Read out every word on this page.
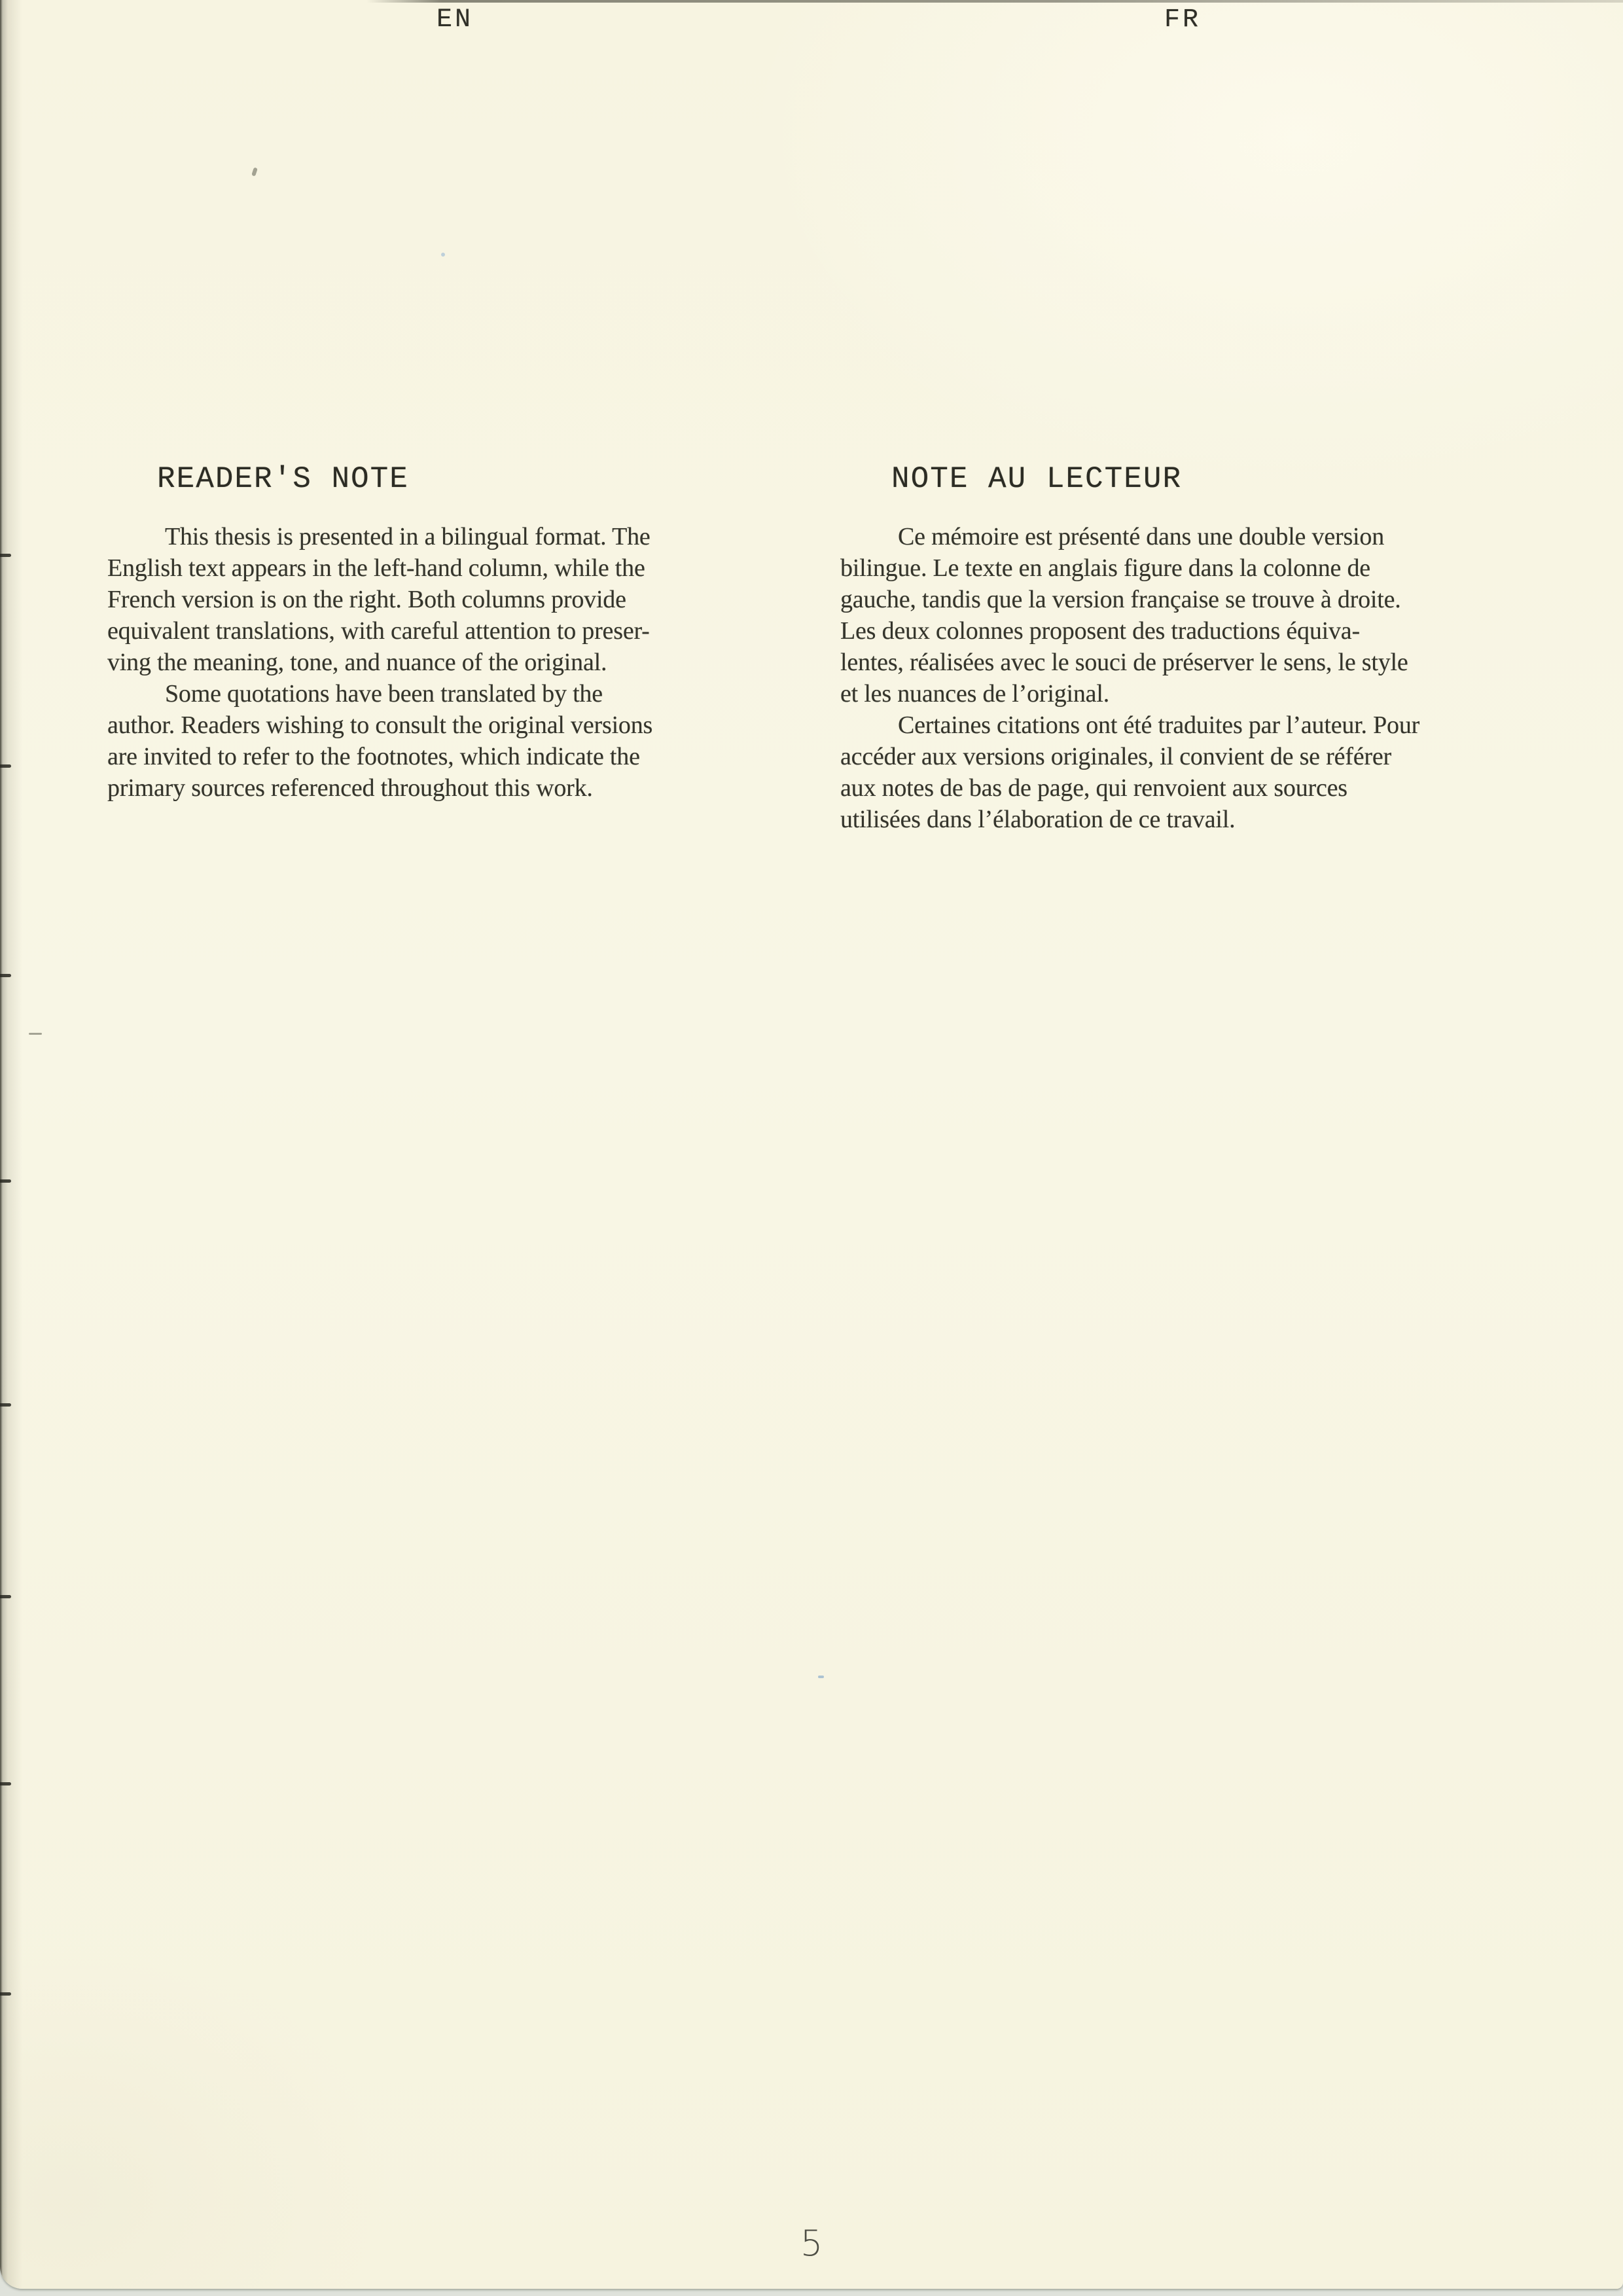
EN	FR
READER'S NOTE
This thesis is presented in a bilingual format. The
English text appears in the left-hand column, while the
French version is on the right. Both columns provide
equivalent translations, with careful attention to preser-
ving the meaning, tone, and nuance of the original.
Some quotations have been translated by the
author. Readers wishing to consult the original versions
are invited to refer to the footnotes, which indicate the
primary sources referenced throughout this work.
NOTE AU LECTEUR
Ce mémoire est présenté dans une double version
bilingue. Le texte en anglais figure dans la colonne de
gauche, tandis que la version française se trouve à droite.
Les deux colonnes proposent des traductions équiva-
lentes, réalisées avec le souci de préserver le sens, le style
et les nuances de l’original.
Certaines citations ont été traduites par l’auteur. Pour
accéder aux versions originales, il convient de se référer
aux notes de bas de page, qui renvoient aux sources
utilisées dans l’élaboration de ce travail.
5
